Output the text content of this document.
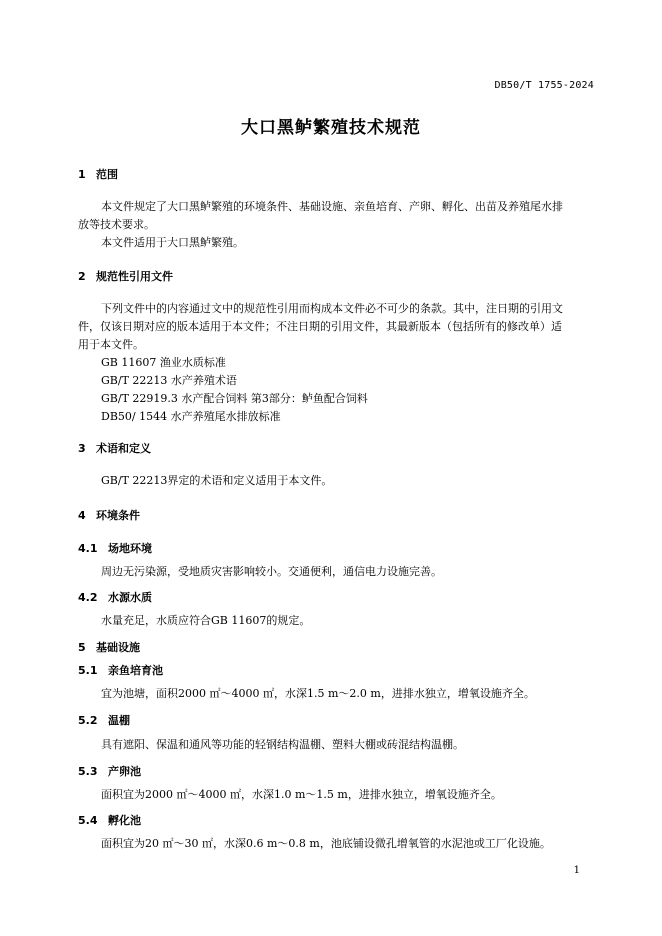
DB50/T 1755-2024
大口黑鲈繁殖技术规范
1 范围
本文件规定了大口黑鲈繁殖的环境条件、基础设施、亲鱼培育、产卵、孵化、出苗及养殖尾水排
放等技术要求。
本文件适用于大口黑鲈繁殖。
2 规范性引用文件
下列文件中的内容通过文中的规范性引用而构成本文件必不可少的条款。其中，注日期的引用文
件，仅该日期对应的版本适用于本文件；不注日期的引用文件，其最新版本（包括所有的修改单）适
用于本文件。
GB 11607 渔业水质标准
GB/T 22213 水产养殖术语
GB/T 22919.3 水产配合饲料 第3部分：鲈鱼配合饲料
DB50/ 1544 水产养殖尾水排放标准
3 术语和定义
GB/T 22213界定的术语和定义适用于本文件。
4 环境条件
4.1 场地环境
周边无污染源，受地质灾害影响较小。交通便利，通信电力设施完善。
4.2 水源水质
水量充足，水质应符合GB 11607的规定。
5 基础设施
5.1 亲鱼培育池
宜为池塘，面积2000 ㎡～4000 ㎡，水深1.5 m～2.0 m，进排水独立，增氧设施齐全。
5.2 温棚
具有遮阳、保温和通风等功能的轻钢结构温棚、塑料大棚或砖混结构温棚。
5.3 产卵池
面积宜为2000 ㎡～4000 ㎡，水深1.0 m～1.5 m，进排水独立，增氧设施齐全。
5.4 孵化池
面积宜为20 ㎡～30 ㎡，水深0.6 m～0.8 m，池底铺设微孔增氧管的水泥池或工厂化设施。
1
